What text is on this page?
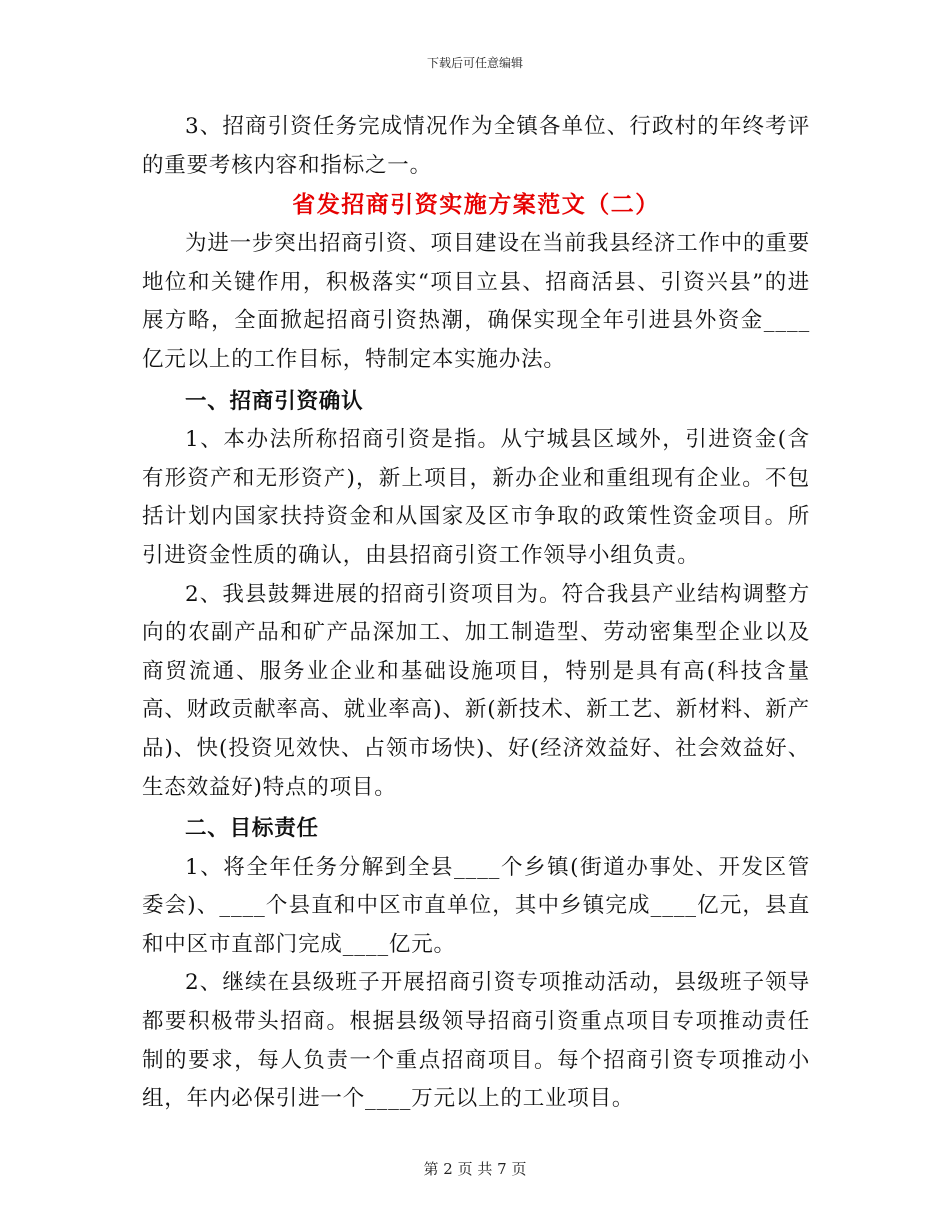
下载后可任意编辑

3、招商引资任务完成情况作为全镇各单位、行政村的年终考评的重要考核内容和指标之一。

省发招商引资实施方案范文（二）

为进一步突出招商引资、项目建设在当前我县经济工作中的重要地位和关键作用，积极落实“项目立县、招商活县、引资兴县”的进展方略，全面掀起招商引资热潮，确保实现全年引进县外资金____亿元以上的工作目标，特制定本实施办法。

一、招商引资确认

1、本办法所称招商引资是指。从宁城县区域外，引进资金(含有形资产和无形资产)，新上项目，新办企业和重组现有企业。不包括计划内国家扶持资金和从国家及区市争取的政策性资金项目。所引进资金性质的确认，由县招商引资工作领导小组负责。

2、我县鼓舞进展的招商引资项目为。符合我县产业结构调整方向的农副产品和矿产品深加工、加工制造型、劳动密集型企业以及商贸流通、服务业企业和基础设施项目，特别是具有高(科技含量高、财政贡献率高、就业率高)、新(新技术、新工艺、新材料、新产品)、快(投资见效快、占领市场快)、好(经济效益好、社会效益好、生态效益好)特点的项目。

二、目标责任

1、将全年任务分解到全县____个乡镇(街道办事处、开发区管委会)、____个县直和中区市直单位，其中乡镇完成____亿元，县直和中区市直部门完成____亿元。

2、继续在县级班子开展招商引资专项推动活动，县级班子领导都要积极带头招商。根据县级领导招商引资重点项目专项推动责任制的要求，每人负责一个重点招商项目。每个招商引资专项推动小组，年内必保引进一个____万元以上的工业项目。

第 2 页 共 7 页
